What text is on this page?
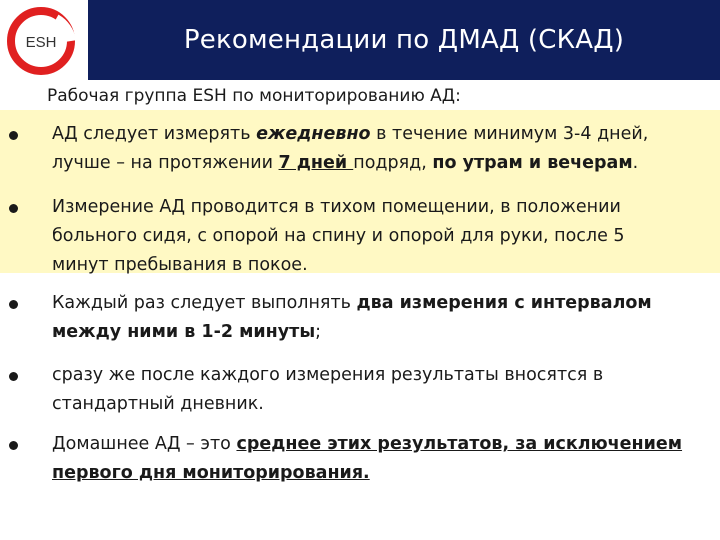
ESH	Рекомендации по ДМАД (СКАД)
Рабочая группа ESH по мониторированию АД:
АД следует измерять ежедневно в течение минимум 3-4 дней,
лучше – на протяжении 7 дней подряд, по утрам и вечерам.
Измерение АД проводится в тихом помещении, в положении
больного сидя, с опорой на спину и опорой для руки, после 5
минут пребывания в покое.
Каждый раз следует выполнять два измерения с интервалом
между ними в 1-2 минуты;
сразу же после каждого измерения результаты вносятся в
стандартный дневник.
Домашнее АД – это среднее этих результатов, за исключением
первого дня мониторирования.
